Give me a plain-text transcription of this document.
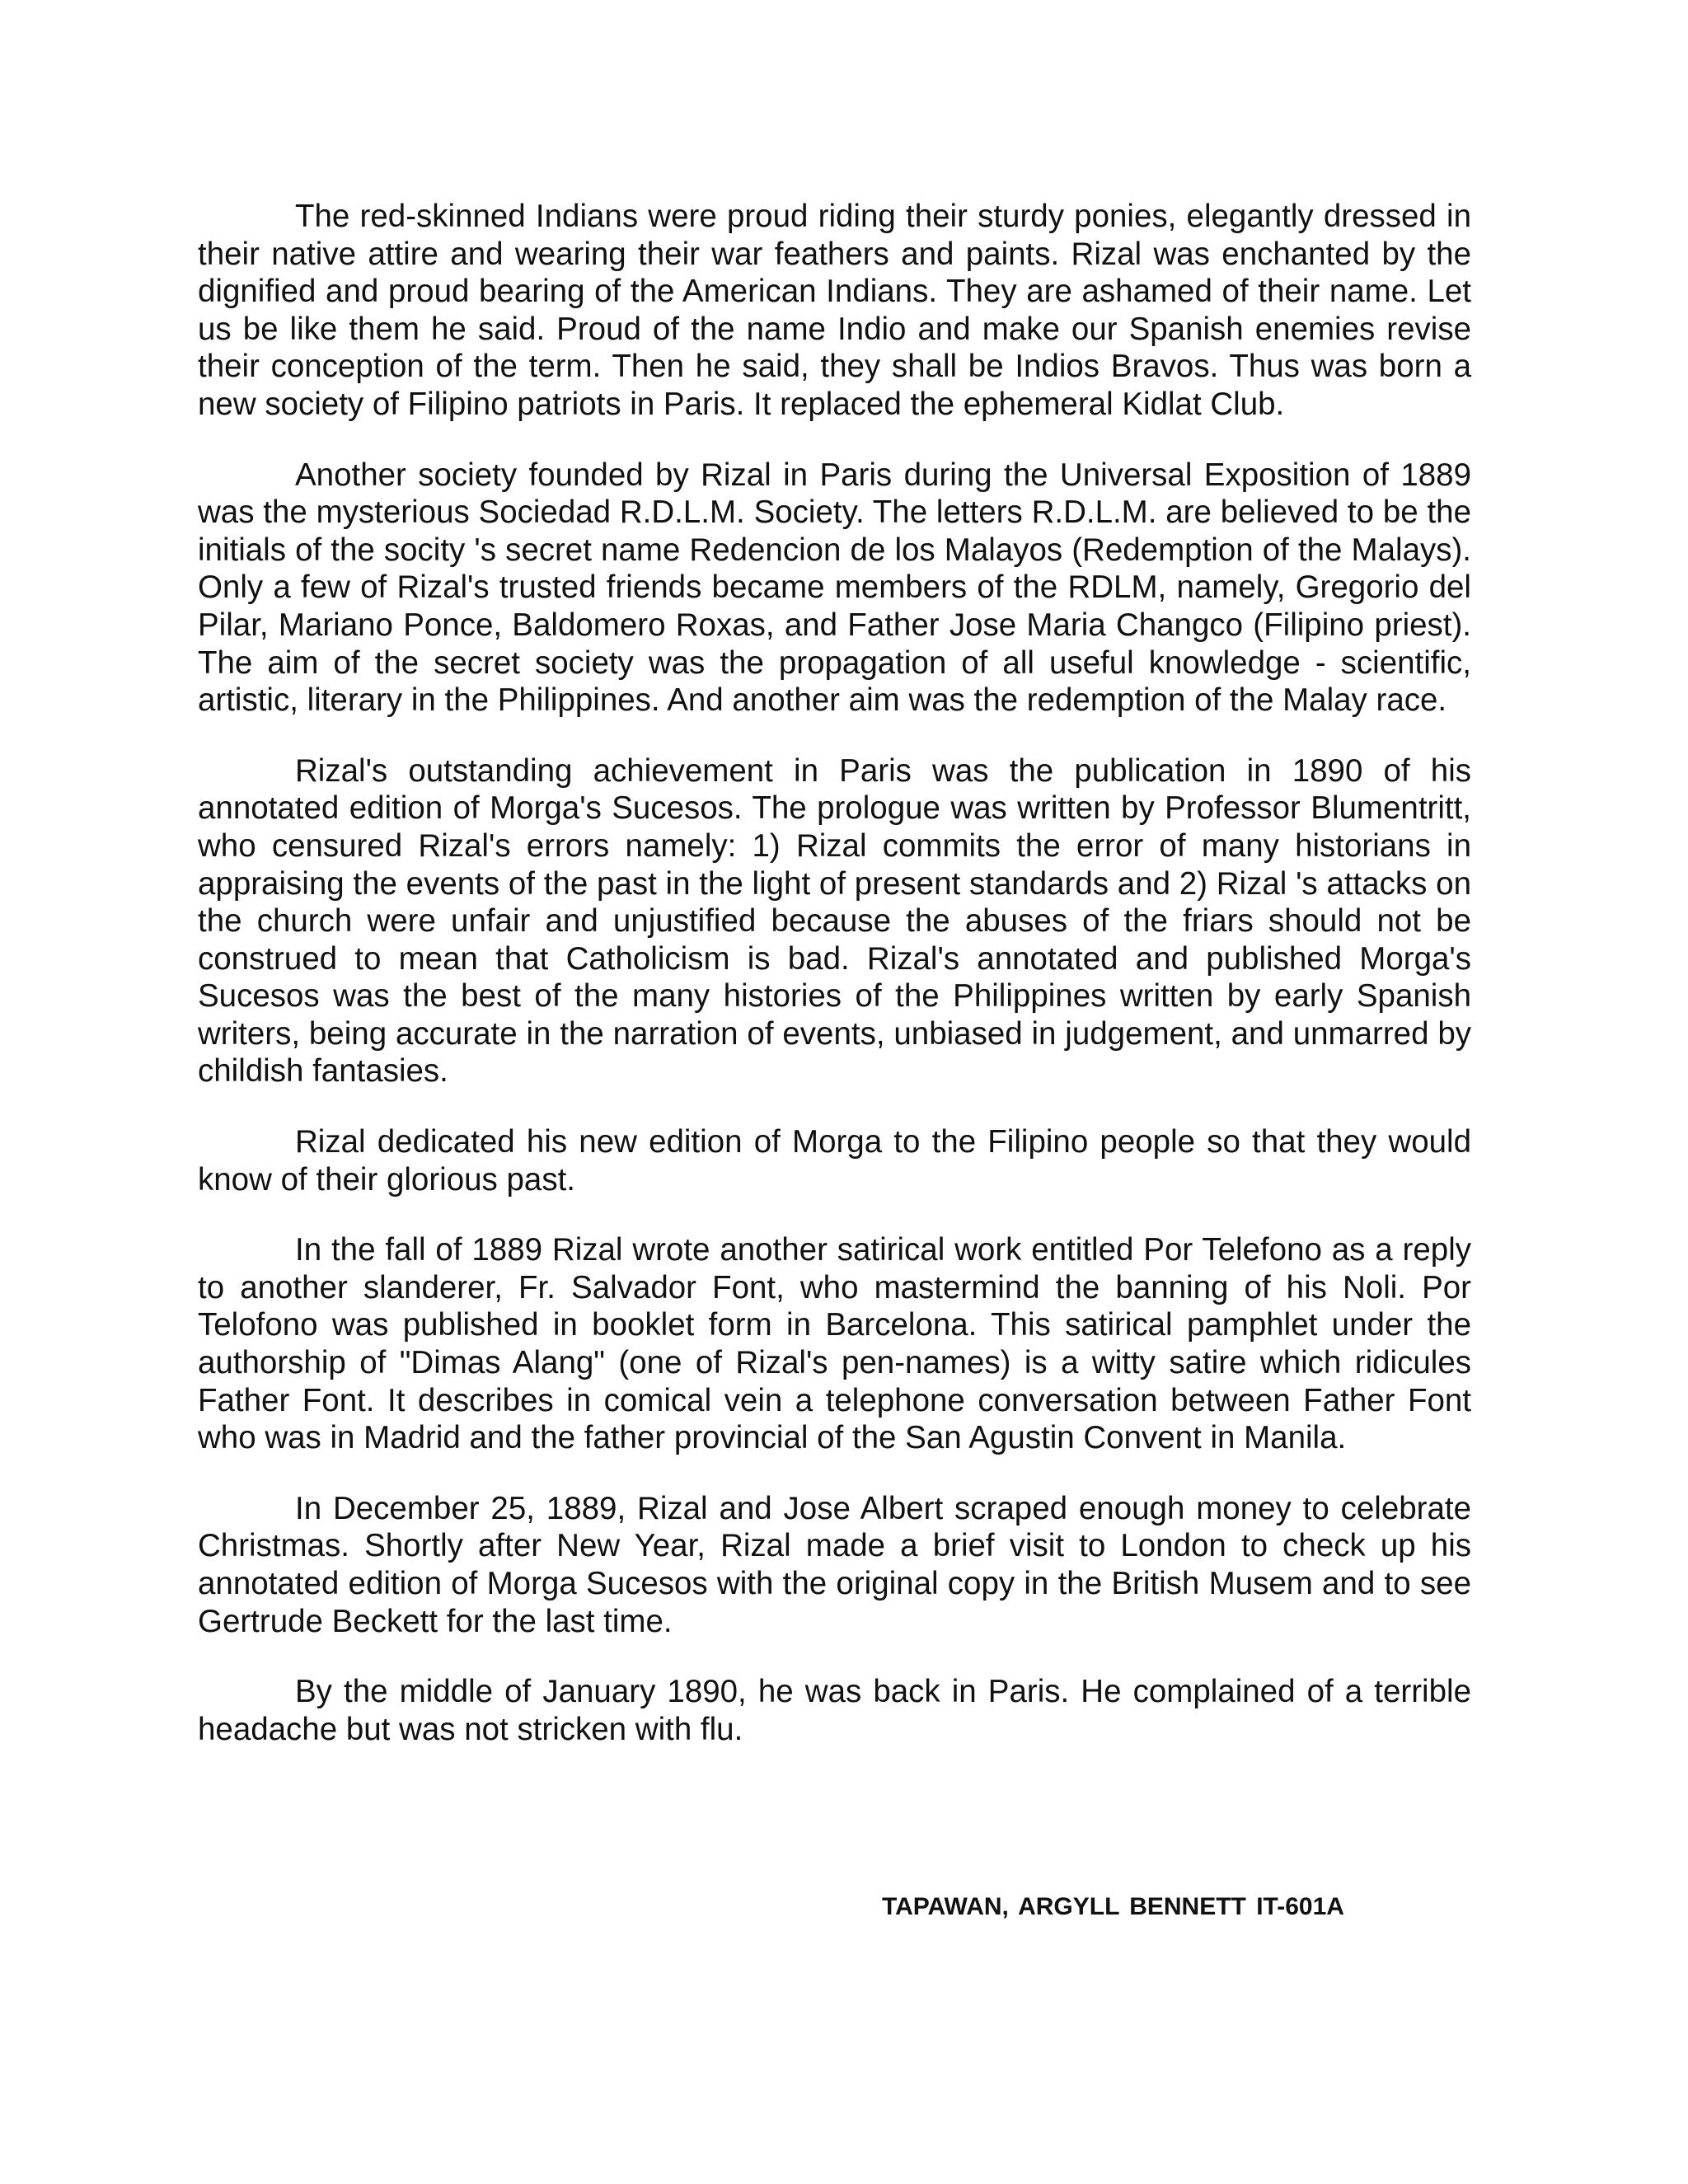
The red-skinned Indians were proud riding their sturdy ponies, elegantly dressed in their native attire and wearing their war feathers and paints. Rizal was enchanted by the dignified and proud bearing of the American Indians. They are ashamed of their name. Let us be like them he said. Proud of the name Indio and make our Spanish enemies revise their conception of the term. Then he said, they shall be Indios Bravos. Thus was born a new society of Filipino patriots in Paris. It replaced the ephemeral Kidlat Club.

Another society founded by Rizal in Paris during the Universal Exposition of 1889 was the mysterious Sociedad R.D.L.M. Society. The letters R.D.L.M. are believed to be the initials of the socity 's secret name Redencion de los Malayos (Redemption of the Malays). Only a few of Rizal's trusted friends became members of the RDLM, namely, Gregorio del Pilar, Mariano Ponce, Baldomero Roxas, and Father Jose Maria Changco (Filipino priest). The aim of the secret society was the propagation of all useful knowledge - scientific, artistic, literary in the Philippines. And another aim was the redemption of the Malay race.

Rizal's outstanding achievement in Paris was the publication in 1890 of his annotated edition of Morga's Sucesos. The prologue was written by Professor Blumentritt, who censured Rizal's errors namely: 1) Rizal commits the error of many historians in appraising the events of the past in the light of present standards and 2) Rizal 's attacks on the church were unfair and unjustified because the abuses of the friars should not be construed to mean that Catholicism is bad. Rizal's annotated and published Morga's Sucesos was the best of the many histories of the Philippines written by early Spanish writers, being accurate in the narration of events, unbiased in judgement, and unmarred by childish fantasies.

Rizal dedicated his new edition of Morga to the Filipino people so that they would know of their glorious past.

In the fall of 1889 Rizal wrote another satirical work entitled Por Telefono as a reply to another slanderer, Fr. Salvador Font, who mastermind the banning of his Noli. Por Telofono was published in booklet form in Barcelona. This satirical pamphlet under the authorship of "Dimas Alang" (one of Rizal's pen-names) is a witty satire which ridicules Father Font. It describes in comical vein a telephone conversation between Father Font who was in Madrid and the father provincial of the San Agustin Convent in Manila.

In December 25, 1889, Rizal and Jose Albert scraped enough money to celebrate Christmas. Shortly after New Year, Rizal made a brief visit to London to check up his annotated edition of Morga Sucesos with the original copy in the British Musem and to see Gertrude Beckett for the last time.

By the middle of January 1890, he was back in Paris. He complained of a terrible headache but was not stricken with flu.

TAPAWAN, ARGYLL BENNETT IT-601A
